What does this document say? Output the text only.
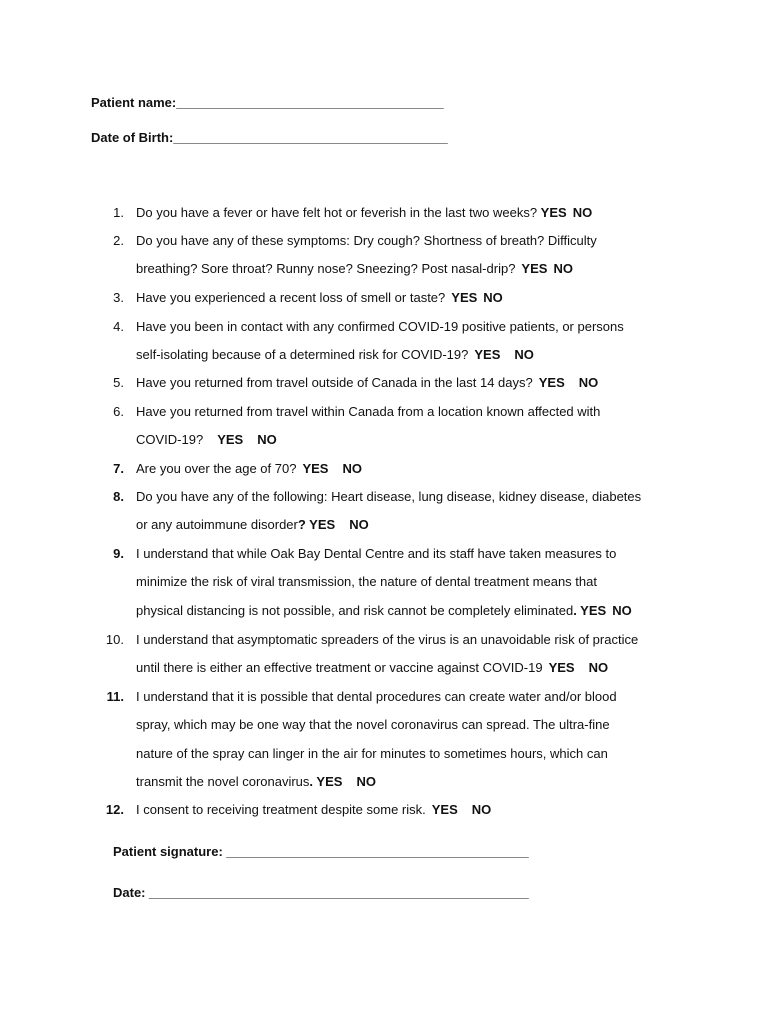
Patient name:______________________________________
Date of Birth:_______________________________________
1. Do you have a fever or have felt hot or feverish in the last two weeks? YES NO
2. Do you have any of these symptoms: Dry cough? Shortness of breath? Difficulty
breathing? Sore throat? Runny nose? Sneezing? Post nasal-drip? YES NO
3. Have you experienced a recent loss of smell or taste? YES NO
4. Have you been in contact with any confirmed COVID-19 positive patients, or persons
self-isolating because of a determined risk for COVID-19? YES NO
5. Have you returned from travel outside of Canada in the last 14 days? YES NO
6. Have you returned from travel within Canada from a location known affected with
COVID-19? YES NO
7. Are you over the age of 70? YES NO
8. Do you have any of the following: Heart disease, lung disease, kidney disease, diabetes
or any autoimmune disorder? YES NO
9. I understand that while Oak Bay Dental Centre and its staff have taken measures to
minimize the risk of viral transmission, the nature of dental treatment means that
physical distancing is not possible, and risk cannot be completely eliminated. YES NO
10. I understand that asymptomatic spreaders of the virus is an unavoidable risk of practice
until there is either an effective treatment or vaccine against COVID-19 YES NO
11. I understand that it is possible that dental procedures can create water and/or blood
spray, which may be one way that the novel coronavirus can spread. The ultra-fine
nature of the spray can linger in the air for minutes to sometimes hours, which can
transmit the novel coronavirus. YES NO
12. I consent to receiving treatment despite some risk. YES NO
Patient signature: ___________________________________________
Date: ______________________________________________________
